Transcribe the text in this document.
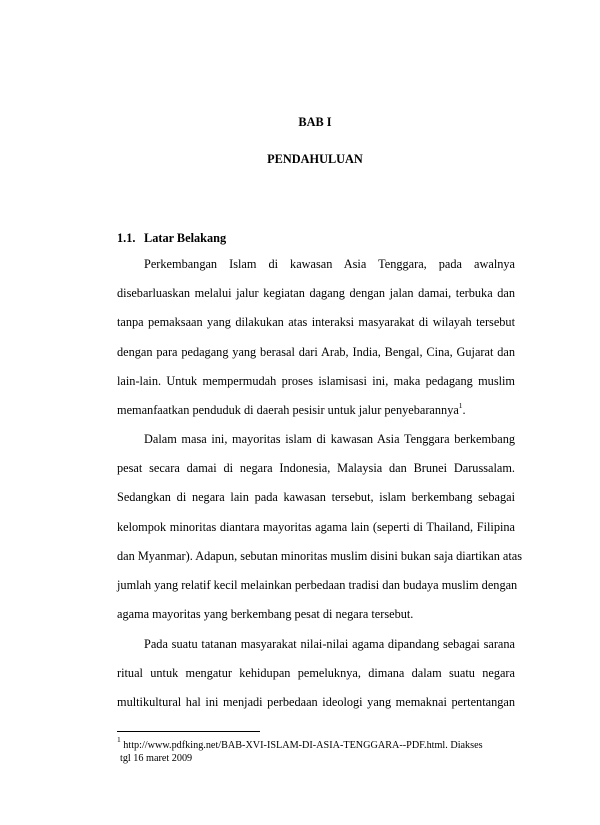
BAB I
PENDAHULUAN
1.1. Latar Belakang
Perkembangan Islam di kawasan Asia Tenggara, pada awalnya
disebarluaskan melalui jalur kegiatan dagang dengan jalan damai, terbuka dan
tanpa pemaksaan yang dilakukan atas interaksi masyarakat di wilayah tersebut
dengan para pedagang yang berasal dari Arab, India, Bengal, Cina, Gujarat dan
lain-lain. Untuk mempermudah proses islamisasi ini, maka pedagang muslim
memanfaatkan penduduk di daerah pesisir untuk jalur penyebarannya$^1$.
Dalam masa ini, mayoritas islam di kawasan Asia Tenggara berkembang
pesat secara damai di negara Indonesia, Malaysia dan Brunei Darussalam.
Sedangkan di negara lain pada kawasan tersebut, islam berkembang sebagai
kelompok minoritas diantara mayoritas agama lain (seperti di Thailand, Filipina
dan Myanmar). Adapun, sebutan minoritas muslim disini bukan saja diartikan atas
jumlah yang relatif kecil melainkan perbedaan tradisi dan budaya muslim dengan
agama mayoritas yang berkembang pesat di negara tersebut.
Pada suatu tatanan masyarakat nilai-nilai agama dipandang sebagai sarana
ritual untuk mengatur kehidupan pemeluknya, dimana dalam suatu negara
multikultural hal ini menjadi perbedaan ideologi yang memaknai pertentangan
$^1$ http://www.pdfking.net/BAB-XVI-ISLAM-DI-ASIA-TENGGARA--PDF.html. Diakses
tgl 16 maret 2009
